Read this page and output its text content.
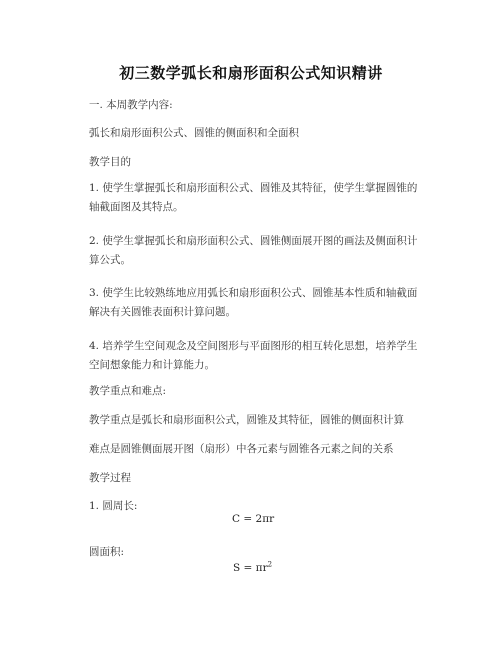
初三数学弧长和扇形面积公式知识精讲
一. 本周教学内容:
弧长和扇形面积公式、圆锥的侧面积和全面积
教学目的
1. 使学生掌握弧长和扇形面积公式、圆锥及其特征，使学生掌握圆锥的轴截面图及其特点。
2. 使学生掌握弧长和扇形面积公式、圆锥侧面展开图的画法及侧面积计算公式。
3. 使学生比较熟练地应用弧长和扇形面积公式、圆锥基本性质和轴截面解决有关圆锥表面积计算问题。
4. 培养学生空间观念及空间图形与平面图形的相互转化思想，培养学生空间想象能力和计算能力。
教学重点和难点:
教学重点是弧长和扇形面积公式，圆锥及其特征，圆锥的侧面积计算
难点是圆锥侧面展开图（扇形）中各元素与圆锥各元素之间的关系
教学过程
1. 圆周长:
C = 2πr
圆面积:
$S = \pi r^2$
